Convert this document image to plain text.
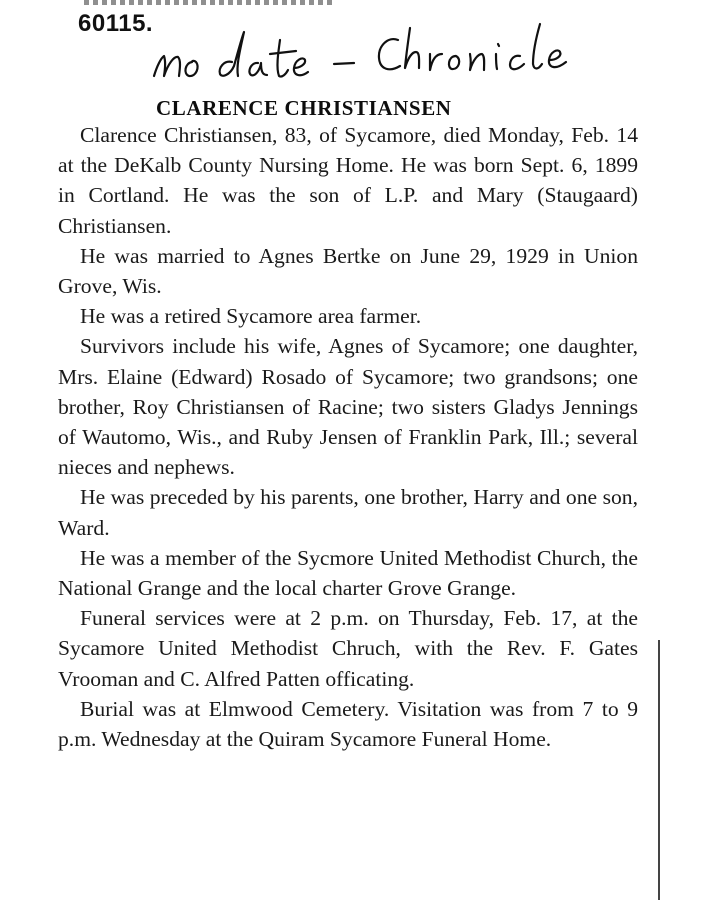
60115.

CLARENCE CHRISTIANSEN

Clarence Christiansen, 83, of Sycamore, died Monday, Feb. 14 at the DeKalb County Nursing Home. He was born Sept. 6, 1899 in Cortland. He was the son of L.P. and Mary (Staugaard) Christiansen.

He was married to Agnes Bertke on June 29, 1929 in Union Grove, Wis.

He was a retired Sycamore area farmer.

Survivors include his wife, Agnes of Sycamore; one daughter, Mrs. Elaine (Edward) Rosado of Sycamore; two grandsons; one brother, Roy Christiansen of Racine; two sisters Gladys Jennings of Wautomo, Wis., and Ruby Jensen of Franklin Park, Ill.; several nieces and nephews.

He was preceded by his parents, one brother, Harry and one son, Ward.

He was a member of the Sycmore United Methodist Church, the National Grange and the local charter Grove Grange.

Funeral services were at 2 p.m. on Thursday, Feb. 17, at the Sycamore United Methodist Chruch, with the Rev. F. Gates Vrooman and C. Alfred Patten officating.

Burial was at Elmwood Cemetery. Visitation was from 7 to 9 p.m. Wednesday at the Quiram Sycamore Funeral Home.
